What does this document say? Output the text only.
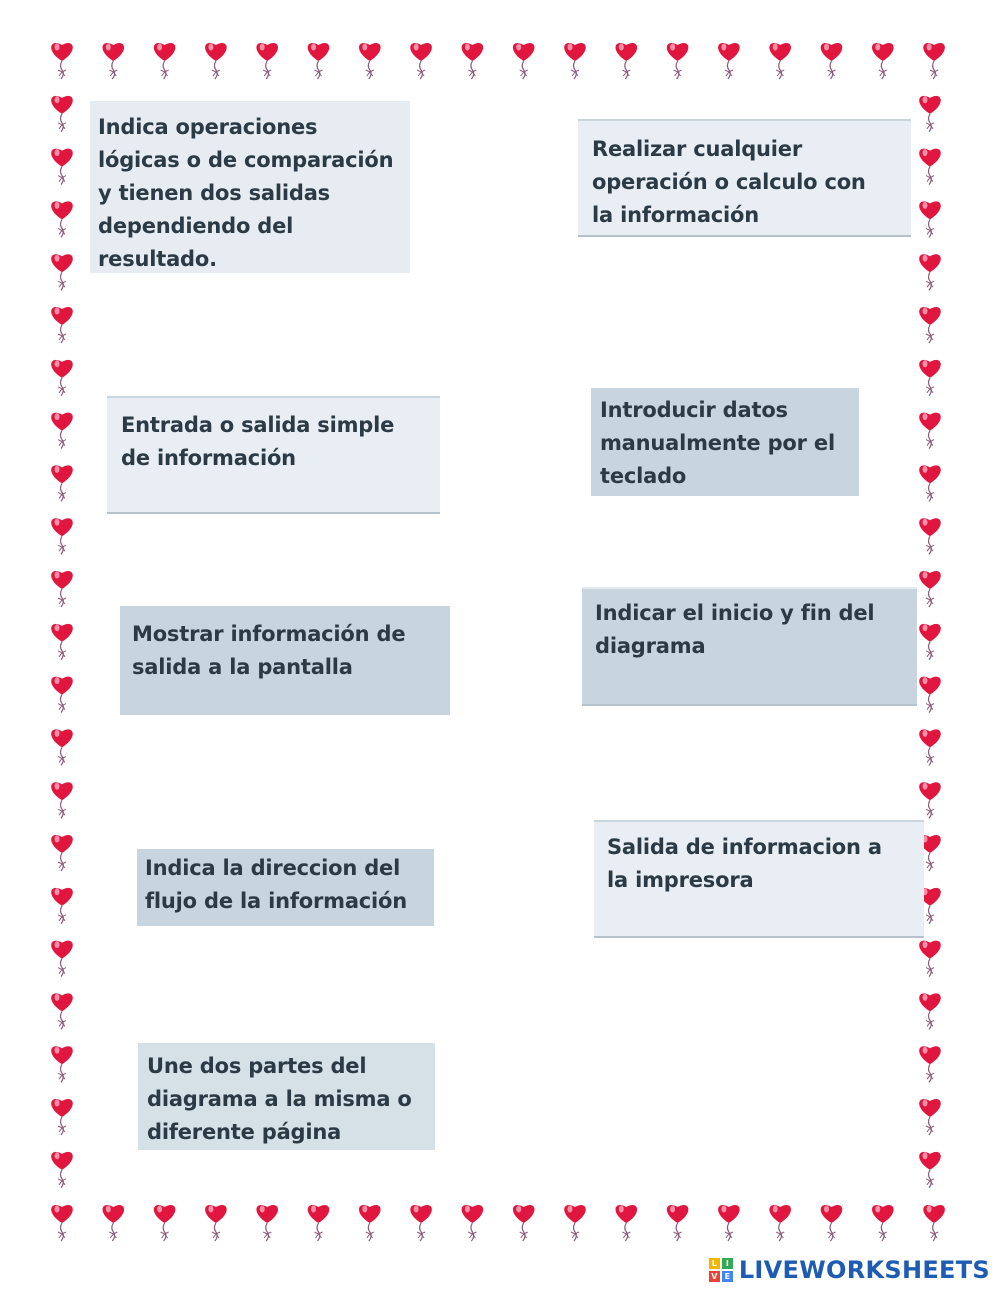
Indica operaciones
lógicas o de comparación
y tienen dos salidas
dependiendo del
resultado.
Realizar cualquier
operación o calculo con
la información
Entrada o salida simple
de información
Introducir datos
manualmente por el
teclado
Mostrar información de
salida a la pantalla
Indicar el inicio y fin del
diagrama
Indica la direccion del
flujo de la información
Salida de informacion a
la impresora
Une dos partes del
diagrama a la misma o
diferente página
L	I
V E LIVEWORKSHEETS
